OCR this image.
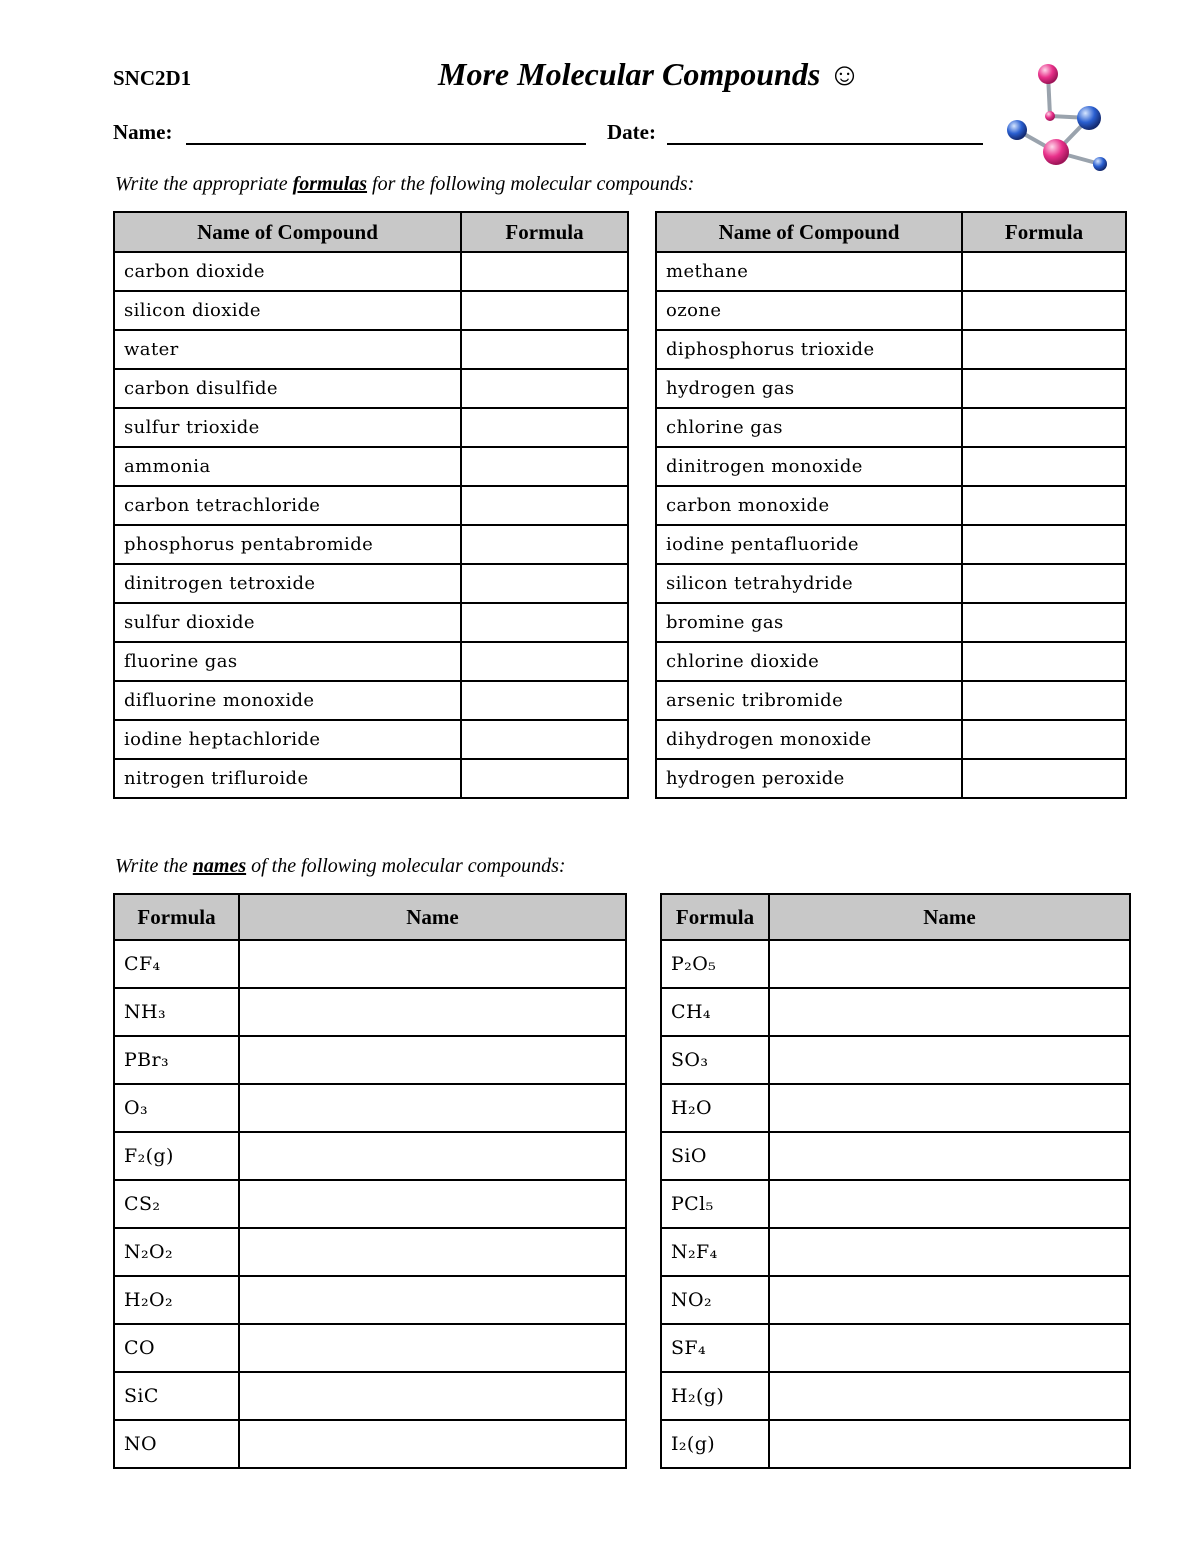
SNC2D1	More Molecular Compounds ☺
Name:	Date:
Write the appropriate formulas for the following molecular compounds:
Name of Compound	Formula
carbon dioxide	
silicon dioxide	
water	
carbon disulfide	
sulfur trioxide	
ammonia	
carbon tetrachloride	
phosphorus pentabromide	
dinitrogen tetroxide	
sulfur dioxide	
fluorine gas	
difluorine monoxide	
iodine heptachloride	
nitrogen trifluroide	
Name of Compound	Formula
methane	
ozone	
diphosphorus trioxide	
hydrogen gas	
chlorine gas	
dinitrogen monoxide	
carbon monoxide	
iodine pentafluoride	
silicon tetrahydride	
bromine gas	
chlorine dioxide	
arsenic tribromide	
dihydrogen monoxide	
hydrogen peroxide	
Write the names of the following molecular compounds:
Formula	Name
CF₄	
NH₃	
PBr₃	
O₃	
F₂(g)	
CS₂	
N₂O₂	
H₂O₂	
CO	
SiC	
NO	
Formula	Name
P₂O₅	
CH₄	
SO₃	
H₂O	
SiO	
PCl₅	
N₂F₄	
NO₂	
SF₄	
H₂(g)	
I₂(g)	
